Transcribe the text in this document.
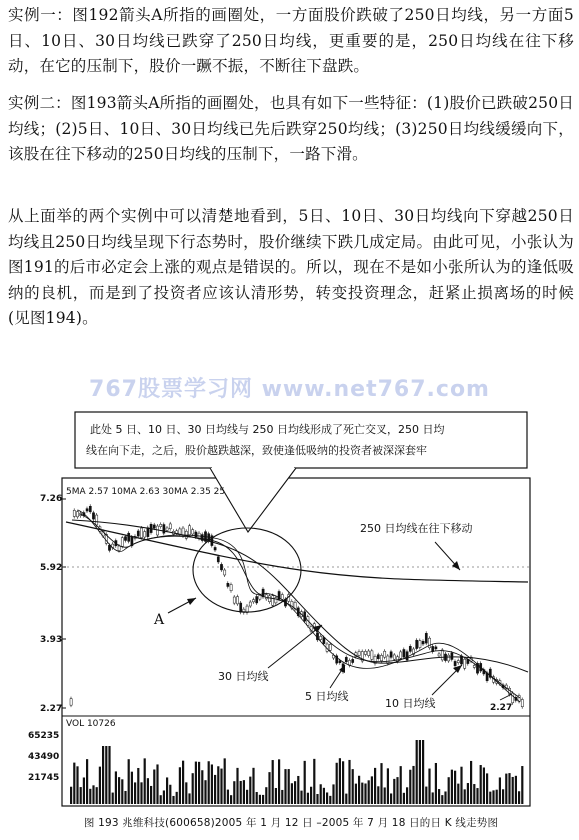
实例一：图192箭头A所指的画圈处，一方面股价跌破了250日均线，另一方面5日、10日、30日均线已跌穿了250日均线，更重要的是，250日均线在往下移动，在它的压制下，股价一蹶不振，不断往下盘跌。

实例二：图193箭头A所指的画圈处，也具有如下一些特征：(1)股价已跌破250日均线；(2)5日、10日、30日均线已先后跌穿250均线；(3)250日均线缓缓向下，该股在往下移动的250日均线的压制下，一路下滑。

从上面举的两个实例中可以清楚地看到，5日、10日、30日均线向下穿越250日均线且250日均线呈现下行态势时，股价继续下跌几成定局。由此可见，小张认为图191的后市必定会上涨的观点是错误的。所以，现在不是如小张所认为的逢低吸纳的良机，而是到了投资者应该认清形势，转变投资理念，赶紧止损离场的时候(见图194)。

767股票学习网 www.net767.com
此处 5 日、10 日、30 日均线与 250 日均线形成了死亡交叉，250 日均
线在向下走，之后，股价越跌越深，致使逢低吸纳的投资者被深深套牢
5MA 2.57 10MA 2.63 30MA 2.35 25
7.26
5.92
3.93
2.27
A
250 日均线在往下移动
30 日均线
5 日均线
10 日均线	2.27
VOL 10726
65235
43490
21745
图 193 兆维科技(600658)2005 年 1 月 12 日 –2005 年 7 月 18 日的日 K 线走势图
